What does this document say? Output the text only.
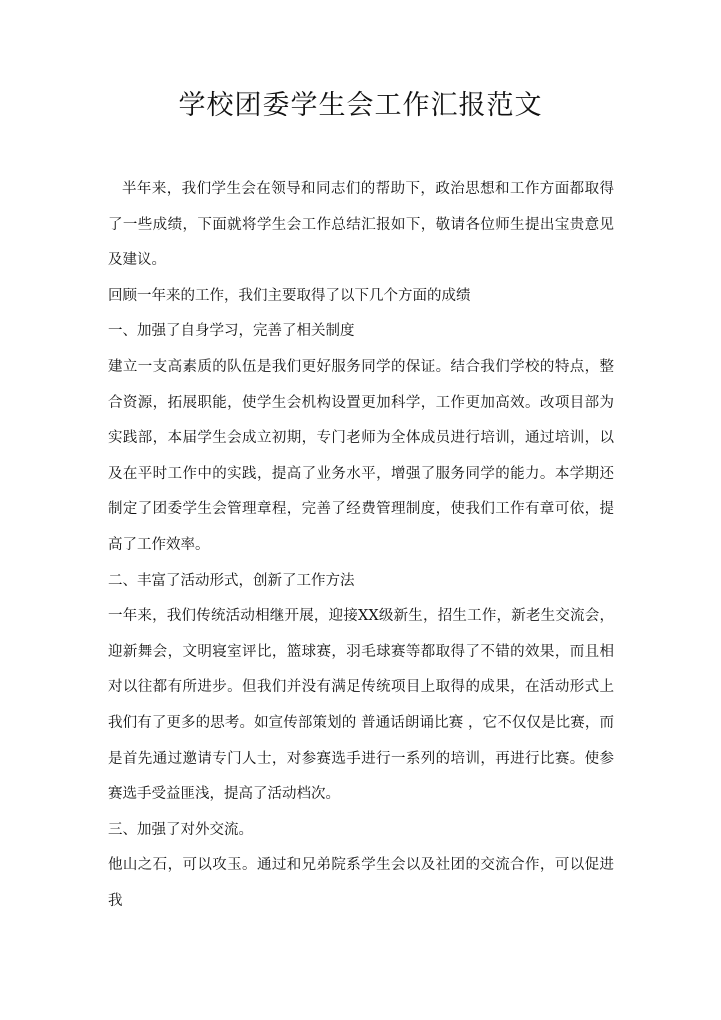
学校团委学生会工作汇报范文

半年来，我们学生会在领导和同志们的帮助下，政治思想和工作方面都取得了一些成绩，下面就将学生会工作总结汇报如下，敬请各位师生提出宝贵意见及建议。

回顾一年来的工作，我们主要取得了以下几个方面的成绩

一、加强了自身学习，完善了相关制度

建立一支高素质的队伍是我们更好服务同学的保证。结合我们学校的特点，整合资源，拓展职能，使学生会机构设置更加科学，工作更加高效。改项目部为实践部，本届学生会成立初期，专门老师为全体成员进行培训，通过培训，以及在平时工作中的实践，提高了业务水平，增强了服务同学的能力。本学期还制定了团委学生会管理章程，完善了经费管理制度，使我们工作有章可依，提高了工作效率。

二、丰富了活动形式，创新了工作方法

一年来，我们传统活动相继开展，迎接XX级新生，招生工作，新老生交流会，迎新舞会，文明寝室评比，篮球赛，羽毛球赛等都取得了不错的效果，而且相对以往都有所进步。但我们并没有满足传统项目上取得的成果，在活动形式上我们有了更多的思考。如宣传部策划的 普通话朗诵比赛 ，它不仅仅是比赛，而是首先通过邀请专门人士，对参赛选手进行一系列的培训，再进行比赛。使参赛选手受益匪浅，提高了活动档次。

三、加强了对外交流。

他山之石，可以攻玉。通过和兄弟院系学生会以及社团的交流合作，可以促进我
